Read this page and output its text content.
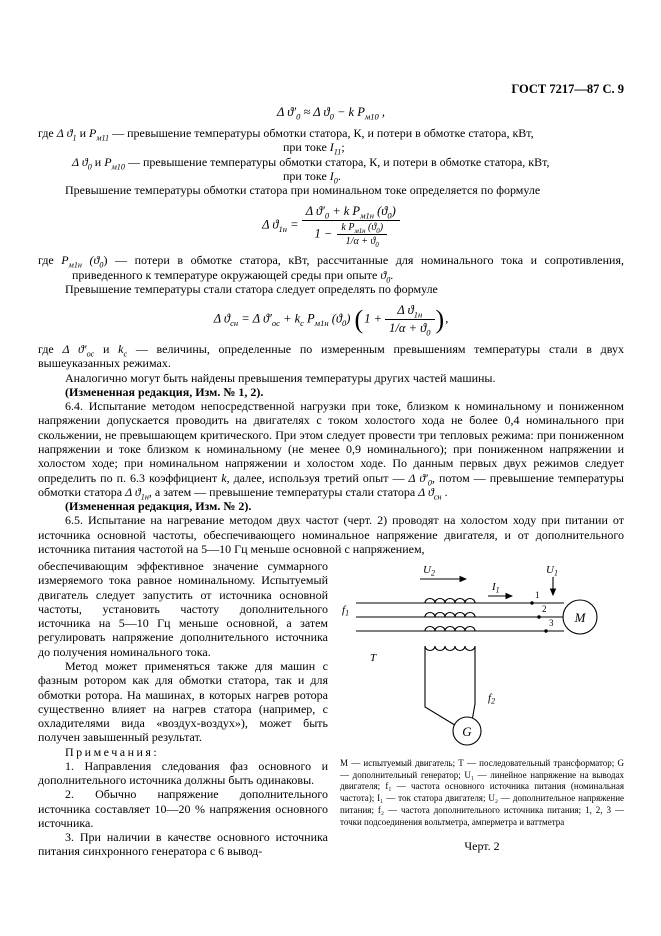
ГОСТ 7217—87 С. 9
Δ $ϑ'_0 \approx \Delta$ $ϑ_0 - k$ $P_{м10}$ ,

где Δ $ϑ_1$ и $P_{м11}$ — превышение температуры обмотки статора, К, и потери в обмотке статора, кВт,
при токе $I_{11}$;

Δ $ϑ_0$ и $P_{м10}$ — превышение температуры обмотки статора, К, и потери в обмотке статора, кВт,
при токе $I_0$.

Превышение температуры обмотки статора при номинальном токе определяется по формуле

Δ $ϑ_{1н} = \frac{\Delta ϑ'_0 + k P_{м1н} (ϑ_0)}{1 - \frac{k P_{м1н} (ϑ_0)}{1/\alpha + ϑ_0}}$

где $P_{м1н}$ $(ϑ_0)$ — потери в обмотке статора, кВт, рассчитанные для номинального тока и сопротивления, приведенного к температуре окружающей среды при опыте $ϑ_0$.

Превышение температуры стали статора следует определять по формуле

Δ $ϑ_{сн} = \Delta$ $ϑ'_{ос} + k_с$ $P_{м1н}$ $(ϑ_0) (1 + \frac{\Delta ϑ_{1н}}{1/\alpha + ϑ_0}$ ),

где Δ $ϑ'_{ос}$ и $k_с$ — величины, определенные по измеренным превышениям температуры стали в двух вышеуказанных режимах.

Аналогично могут быть найдены превышения температуры других частей машины.

(Измененная редакция, Изм. № 1, 2).

6.4. Испытание методом непосредственной нагрузки при токе, близком к номинальному и пониженном напряжении допускается проводить на двигателях с током холостого хода не более 0,4 номинального при скольжении, не превышающем критического. При этом следует провести три тепловых режима: при пониженном напряжении и токе близком к номинальному (не менее 0,9 номинального); при пониженном напряжении и холостом ходе; при номинальном напряжении и холостом ходе. По данным первых двух режимов следует определить по п. 6.3 коэффициент k, далее, используя третий опыт — Δ $ϑ'_0$, потом — превышение температуры обмотки статора Δ $ϑ_{1н}$, а затем — превышение температуры стали статора Δ $ϑ_{сн}$ .

(Измененная редакция, Изм. № 2).

6.5. Испытание на нагревание методом двух частот (черт. 2) проводят на холостом ходу при питании от источника основной частоты, обеспечивающего номинальное напряжение двигателя, и от дополнительного источника питания частотой на 5—10 Гц меньше основной с напряжением,

обеспечивающим эффективное значение суммарного измеряемого тока равное номинальному. Испытуемый двигатель следует запустить от источника основной частоты, установить частоту дополнительного источника на 5—10 Гц меньше основной, а затем регулировать напряжение дополнительного источника до получения номинального тока.

Метод может применяться также для машин с фазным ротором как для обмотки статора, так и для обмотки ротора. На машинах, в которых нагрев ротора существенно влияет на нагрев статора (например, с охладителями вида «воздух-воздух»), может быть получен завышенный результат.

Примечания:

1. Направления следования фаз основного и дополнительного источника должны быть одинаковы.

2. Обычно напряжение дополнительного источника составляет 10—20 % напряжения основного источника.

3. При наличии в качестве основного источника питания синхронного генератора с 6 вывод-

$U_2$
$I_1$
$U_1$
$f_1$
T
$f_2$
M
G
1
2
3

М — испытуемый двигатель; Т — последовательный трансформатор; G — дополнительный генератор; U₁ — линейное напряжение на выводах двигателя; f₁ — частота основного источника питания (номинальная частота); I₁ — ток статора двигателя; U₂ — дополнительное напряжение питания; f₂ — частота дополнительного источника питания; 1, 2, 3 — точки подсоединения вольтметра, амперметра и ваттметра

Черт. 2
